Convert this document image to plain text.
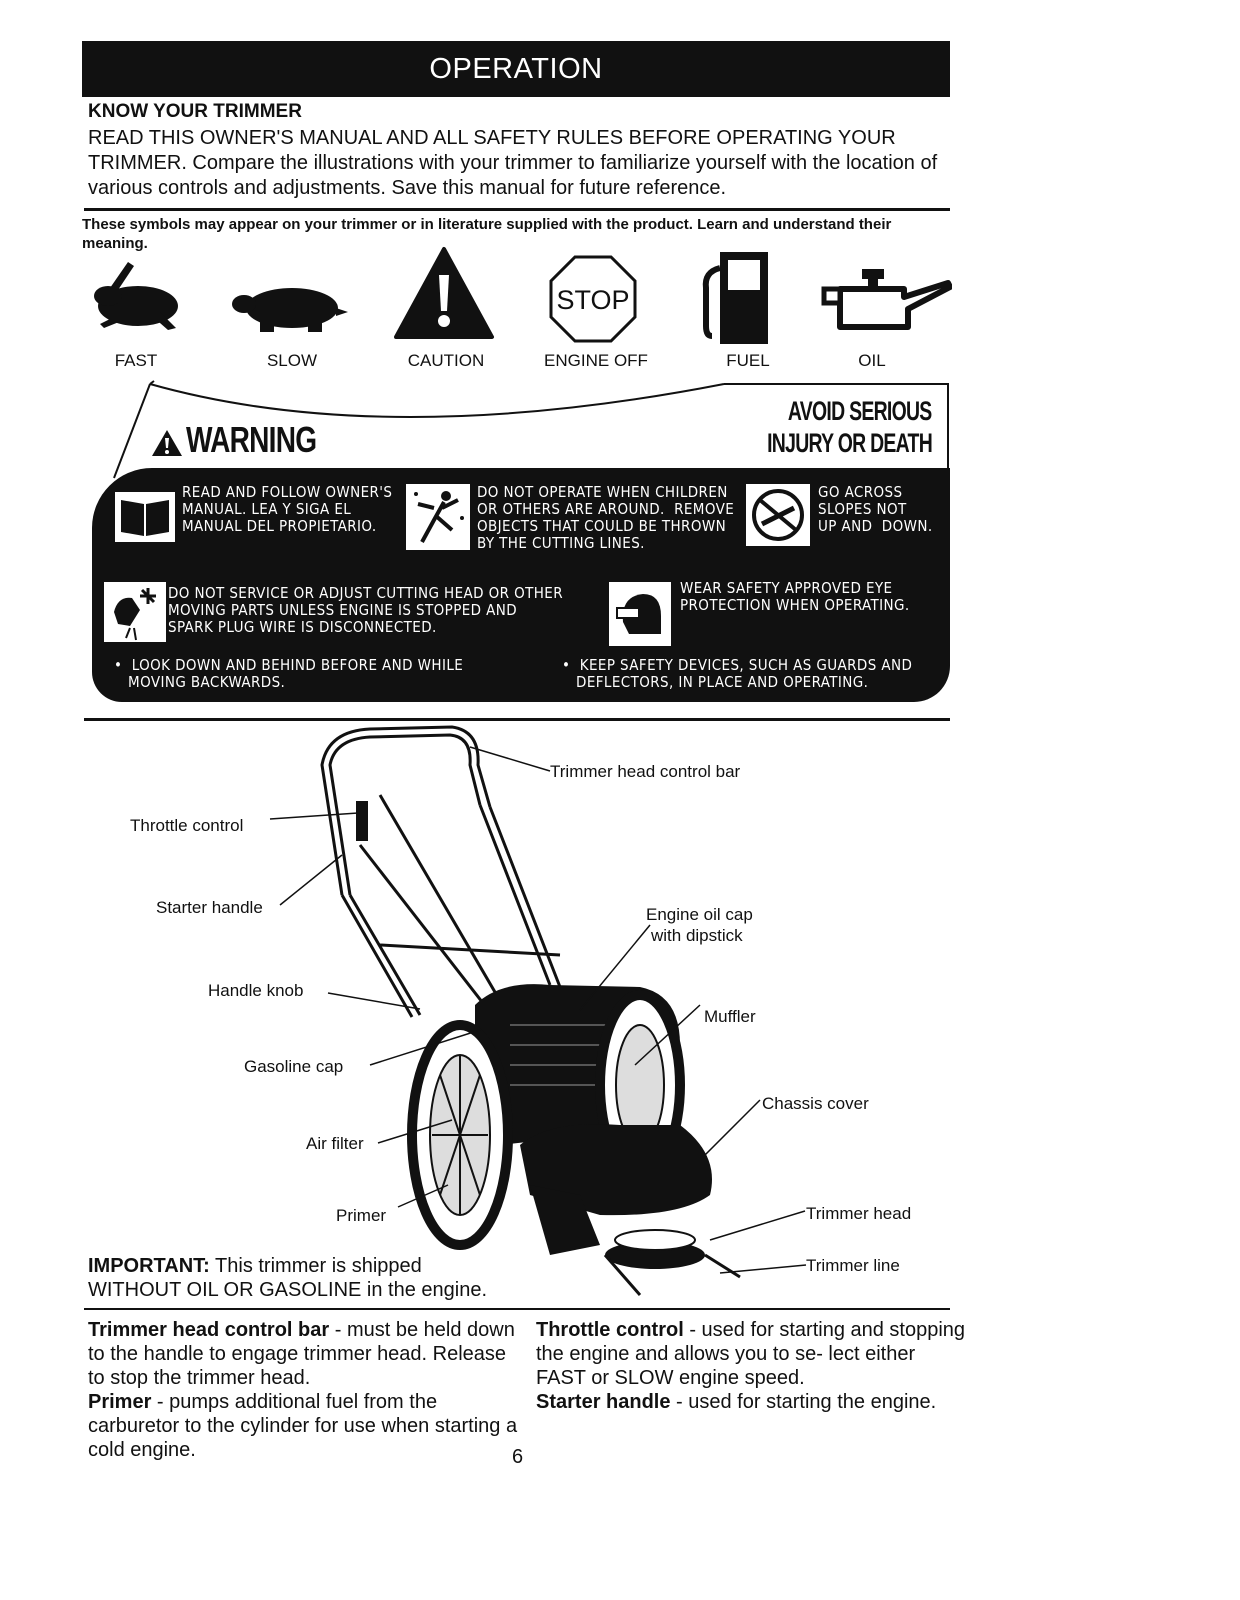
OPERATION
KNOW YOUR TRIMMER
READ THIS OWNER'S MANUAL AND ALL SAFETY RULES BEFORE OPERATING YOUR TRIMMER. Compare the illustrations with your trimmer to familiarize yourself with the location of various controls and adjustments. Save this manual for future reference.
These symbols may appear on your trimmer or in literature supplied with the product. Learn and understand their meaning.
STOP
FAST	SLOW	CAUTION	ENGINE OFF	FUEL	OIL
WARNING
AVOID SERIOUS
INJURY OR DEATH
READ AND FOLLOW OWNER'S
MANUAL. LEA Y SIGA EL
MANUAL DEL PROPIETARIO.
DO NOT OPERATE WHEN CHILDREN
OR OTHERS ARE AROUND.  REMOVE
OBJECTS THAT COULD BE THROWN
BY THE CUTTING LINES.
GO ACROSS
SLOPES NOT
UP AND  DOWN.
DO NOT SERVICE OR ADJUST CUTTING HEAD OR OTHER
MOVING PARTS UNLESS ENGINE IS STOPPED AND
SPARK PLUG WIRE IS DISCONNECTED.
WEAR SAFETY APPROVED EYE
PROTECTION WHEN OPERATING.
•  LOOK DOWN AND BEHIND BEFORE AND WHILE
MOVING BACKWARDS.
•  KEEP SAFETY DEVICES, SUCH AS GUARDS AND
DEFLECTORS, IN PLACE AND OPERATING.
Trimmer head control bar
Throttle control
Starter handle	Engine oil cap
with dipstick
Handle knob
Muffler
Gasoline cap
Chassis cover
Air filter
Primer	Trimmer head
Trimmer line
IMPORTANT: This trimmer is shipped
WITHOUT OIL OR GASOLINE in the engine.
Trimmer head control bar - must be held down to the handle to engage trimmer head. Release to stop the trimmer head.
Primer - pumps additional fuel from the carburetor to the cylinder for use when starting a cold engine.
Throttle control - used for starting and stopping the engine and allows you to se- lect either FAST or SLOW engine speed.
Starter handle - used for starting the engine.
6
